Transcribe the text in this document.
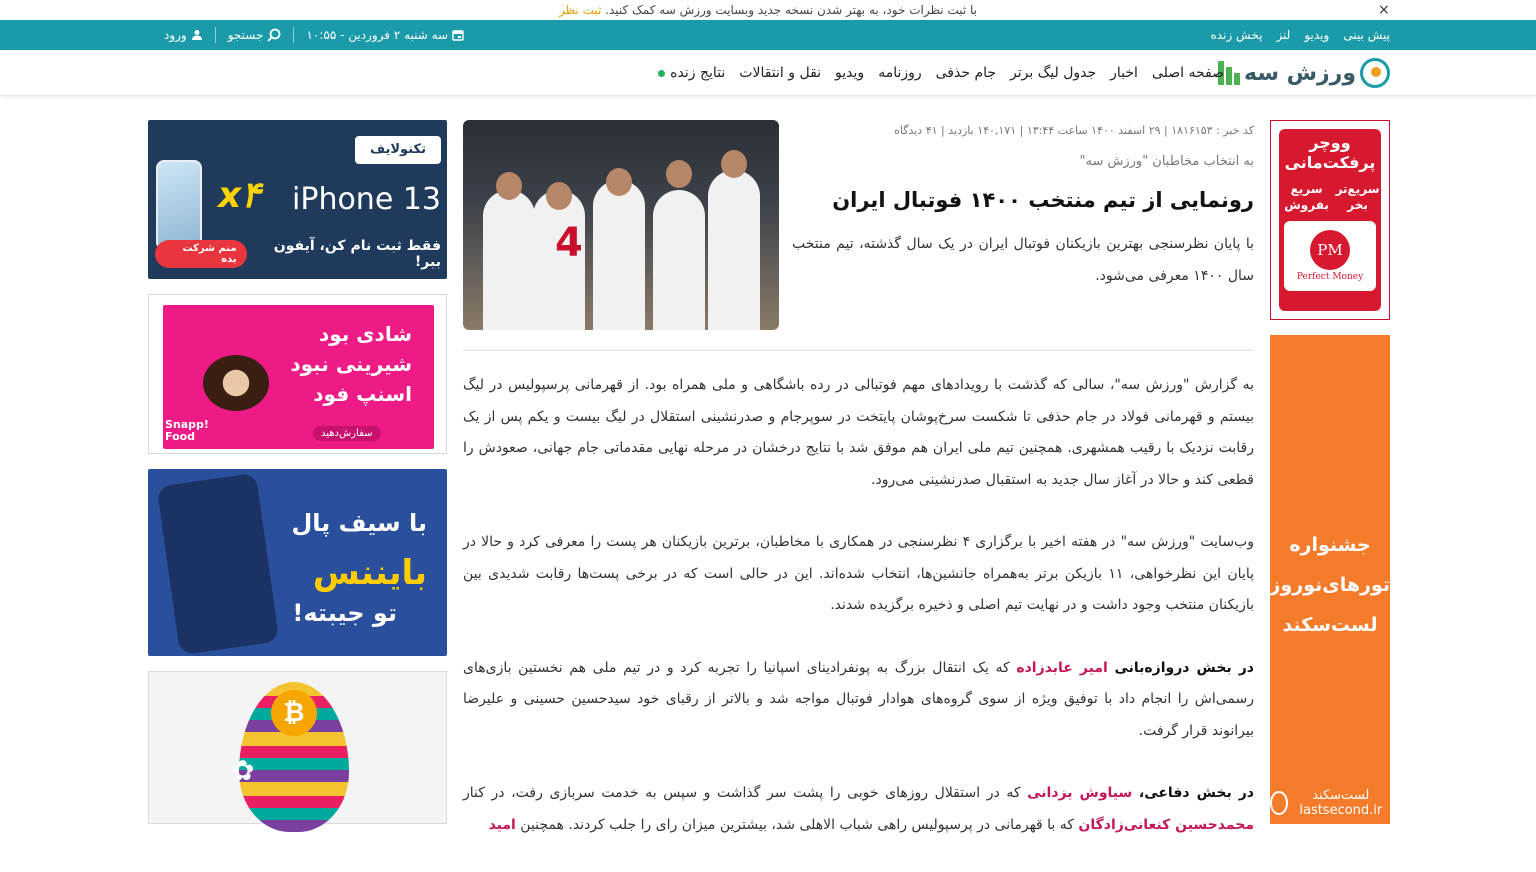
با ثبت نظرات خود، به بهتر شدن نسخه جدید وبسایت ورزش سه کمک کنید. ثبت نظر	×
پیش بینی
ویدیو
لنز
پخش زنده
ورود	جستجو	سه شنبه ۲ فروردین - ۱۰:۵۵
ورزش سه
صفحه اصلی
اخبار
جدول لیگ برتر
جام حذفی
روزنامه
ویدیو
نقل و انتقالات
نتایج زنده
ووچر پرفکت‌مانی
سریع‌تر بخر
سریع بفروش
PM
Perfect Money
جشنواره تورهای‌نوروزی لست‌سکند
لست‌سکند lastsecond.ir
4
کد خبر : ۱۸۱۶۱۵۳ | ۲۹ اسفند ۱۴۰۰ ساعت ۱۳:۴۴ | ۱۴۰,۱۷۱ بازدید | ۴۱ دیدگاه
به انتخاب مخاطبان "ورزش سه"
رونمایی از تیم منتخب ۱۴۰۰ فوتبال ایران
با پایان نظرسنجی بهترین بازیکنان فوتبال ایران در یک سال گذشته، تیم منتخب سال ۱۴۰۰ معرفی می‌شود.

به گزارش "ورزش سه"، سالی که گذشت با رویدادهای مهم فوتبالی در رده باشگاهی و ملی همراه بود. از قهرمانی پرسپولیس در لیگ بیستم و قهرمانی فولاد در جام حذفی تا شکست سرخ‌پوشان پایتخت در سوپرجام و صدرنشینی استقلال در لیگ بیست و یکم پس از یک رقابت نزدیک با رقیب همشهری. همچنین تیم ملی ایران هم موفق شد با نتایج درخشان در مرحله نهایی مقدماتی جام جهانی، صعودش را قطعی کند و حالا در آغاز سال جدید به استقبال صدرنشینی می‌رود.

وب‌سایت "ورزش سه" در هفته اخیر با برگزاری ۴ نظرسنجی در همکاری با مخاطبان، برترین بازیکنان هر پست را معرفی کرد و حالا در پایان این نظرخواهی، ۱۱ بازیکن برتر به‌همراه جانشین‌ها، انتخاب شده‌اند. این در حالی است که در برخی پست‌ها رقابت شدیدی بین بازیکنان منتخب وجود داشت و در نهایت تیم اصلی و ذخیره برگزیده شدند.

در بخش دروازه‌بانی امیر عابدزاده که یک انتقال بزرگ به پونفرادینای اسپانیا را تجربه کرد و در تیم ملی هم نخستین بازی‌های رسمی‌اش را انجام داد با توفیق ویژه از سوی گروه‌های هوادار فوتبال مواجه شد و بالاتر از رقبای خود سیدحسین حسینی و علیرضا بیرانوند قرار گرفت.

در بخش دفاعی، سیاوش یزدانی که در استقلال روزهای خوبی را پشت سر گذاشت و سپس به خدمت سربازی رفت، در کنار محمدحسین کنعانی‌زادگان که با قهرمانی در پرسپولیس راهی شباب الاهلی شد، بیشترین میزان رای را جلب کردند. همچنین امید

تکنولایف
iPhone 13
x۴
فقط ثبت نام کن، آیفون ببر!
منم شرکت بده
شادی بود شیرینی نبود اسنپ فود
Snapp! Food	سفارش‌دهید
با سیف پال
بایننس
تو جیبته!
₿
✿
